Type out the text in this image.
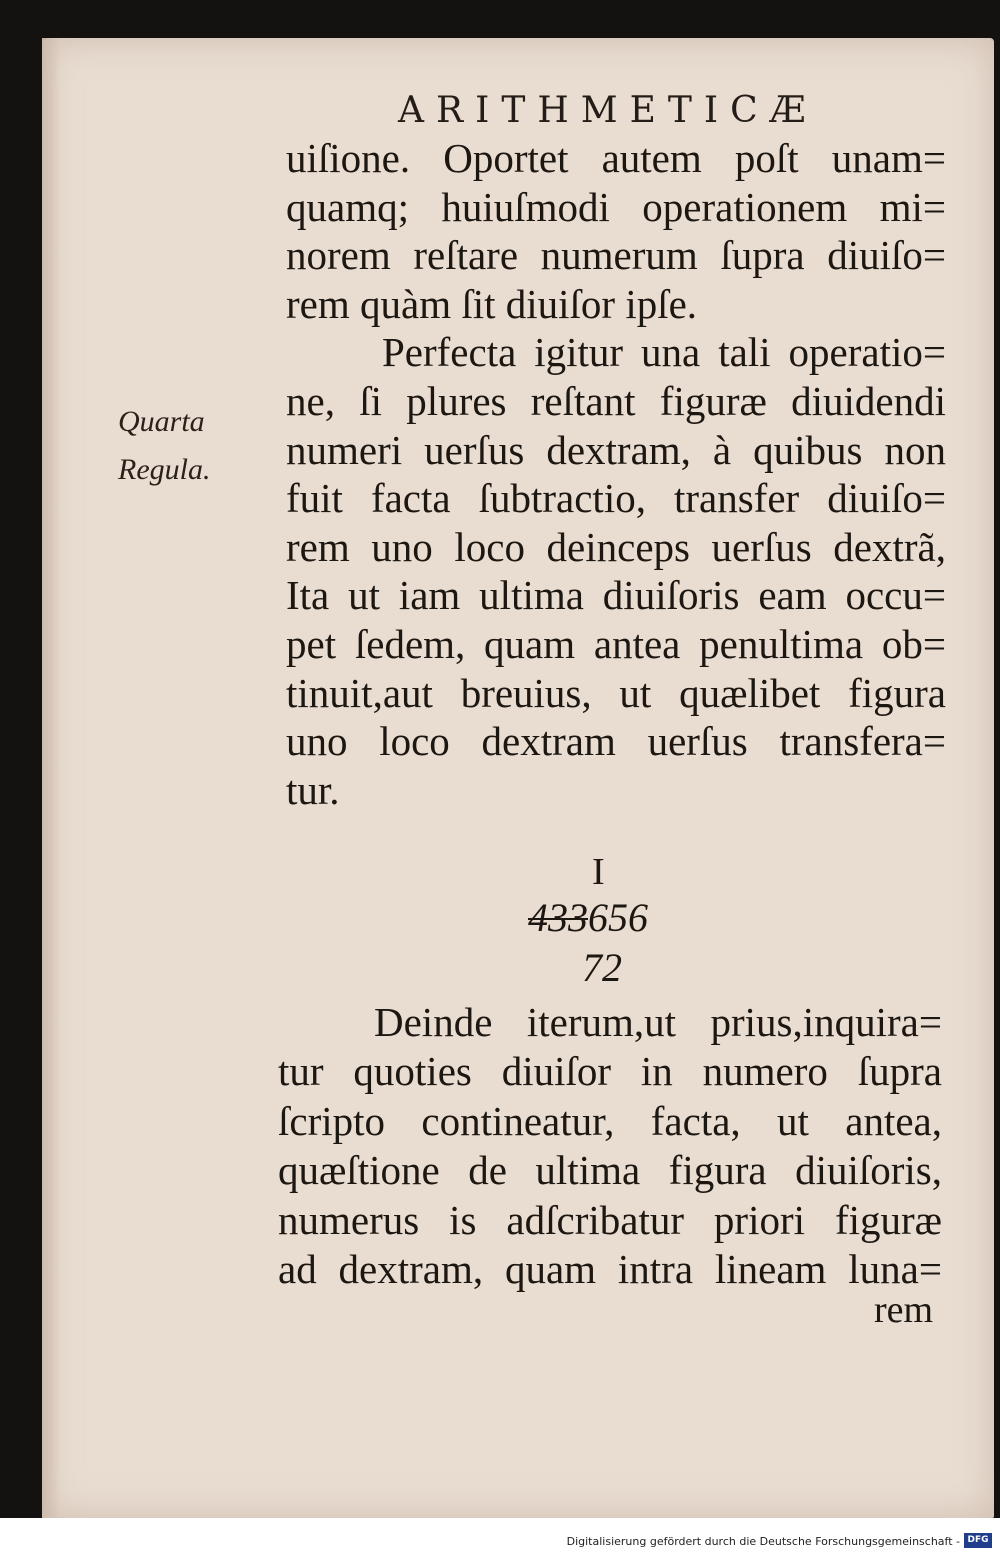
ARITHMETICÆ
Quarta
Regula.
uiſione. Oportet autem poſt unam=
quamq; huiuſmodi operationem mi=
norem reſtare numerum ſupra diuiſo=
rem quàm ſit diuiſor ipſe.
Perfecta igitur una tali operatio=
ne, ſi plures reſtant figuræ diuidendi
numeri uerſus dextram, à quibus non
fuit facta ſubtractio, transfer diuiſo=
rem uno loco deinceps uerſus dextrã,
Ita ut iam ultima diuiſoris eam occu=
pet ſedem, quam antea penultima ob=
tinuit,aut breuius, ut quælibet figura
uno loco dextram uerſus transfera=
tur.
I
433656
72
Deinde iterum,ut prius,inquira=
tur quoties diuiſor in numero ſupra
ſcripto contineatur, facta, ut antea,
quæſtione de ultima figura diuiſoris,
numerus is adſcribatur priori figuræ
ad dextram, quam intra lineam luna=
rem
Digitalisierung gefördert durch die Deutsche Forschungsgemeinschaft - DFG
